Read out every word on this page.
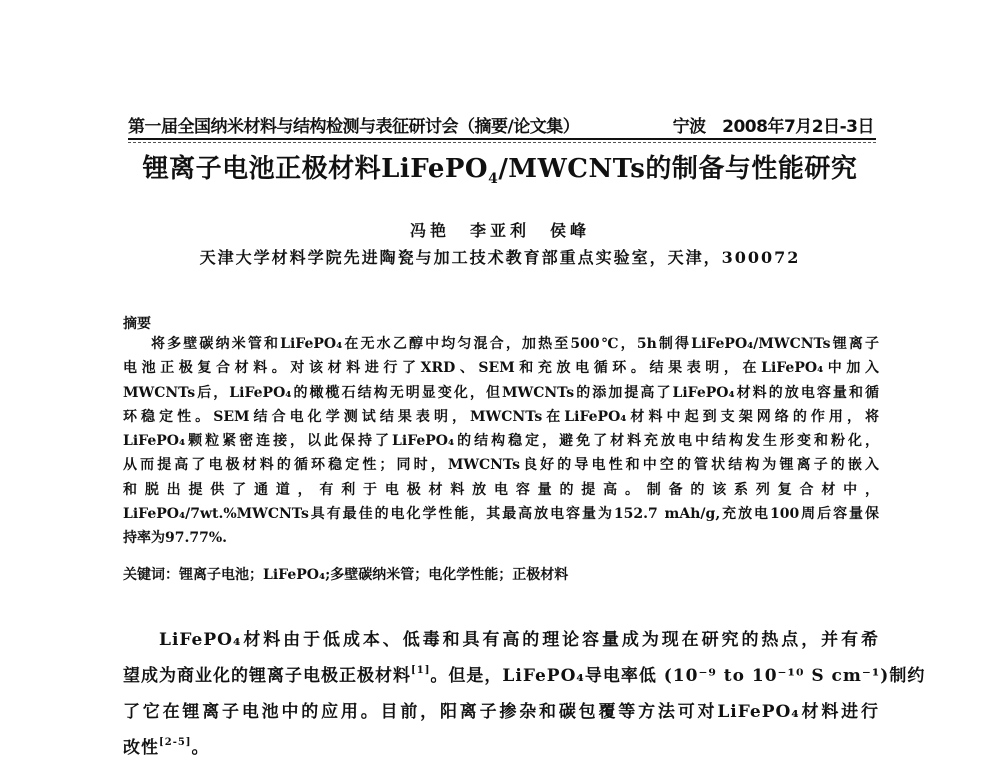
第一届全国纳米材料与结构检测与表征研讨会（摘要/论文集）	宁波　2008年7月2日-3日
锂离子电池正极材料LiFePO$_4$/MWCNTs的制备与性能研究
冯艳　李亚利　侯峰
天津大学材料学院先进陶瓷与加工技术教育部重点实验室，天津，300072
摘要
将多壁碳纳米管和LiFePO₄在无水乙醇中均匀混合，加热至500℃，5h制得LiFePO₄/MWCNTs锂离子
电池正极复合材料。对该材料进行了XRD、SEM和充放电循环。结果表明，在LiFePO₄中加入
MWCNTs后，LiFePO₄的橄榄石结构无明显变化，但MWCNTs的添加提高了LiFePO₄材料的放电容量和循
环稳定性。SEM结合电化学测试结果表明，MWCNTs在LiFePO₄材料中起到支架网络的作用，将
LiFePO₄颗粒紧密连接，以此保持了LiFePO₄的结构稳定，避免了材料充放电中结构发生形变和粉化，
从而提高了电极材料的循环稳定性；同时，MWCNTs良好的导电性和中空的管状结构为锂离子的嵌入
和脱出提供了通道，有利于电极材料放电容量的提高。制备的该系列复合材中，
LiFePO₄/7wt.%MWCNTs具有最佳的电化学性能，其最高放电容量为152.7 mAh/g,充放电100周后容量保
持率为97.77%.
关键词：锂离子电池；LiFePO₄;多壁碳纳米管；电化学性能；正极材料
LiFePO₄材料由于低成本、低毒和具有高的理论容量成为现在研究的热点，并有希
望成为商业化的锂离子电极正极材料[1]。但是，LiFePO₄导电率低 (10⁻⁹ to 10⁻¹⁰ S cm⁻¹)制约
了它在锂离子电池中的应用。目前，阳离子掺杂和碳包覆等方法可对LiFePO₄材料进行
改性[2-5]。
